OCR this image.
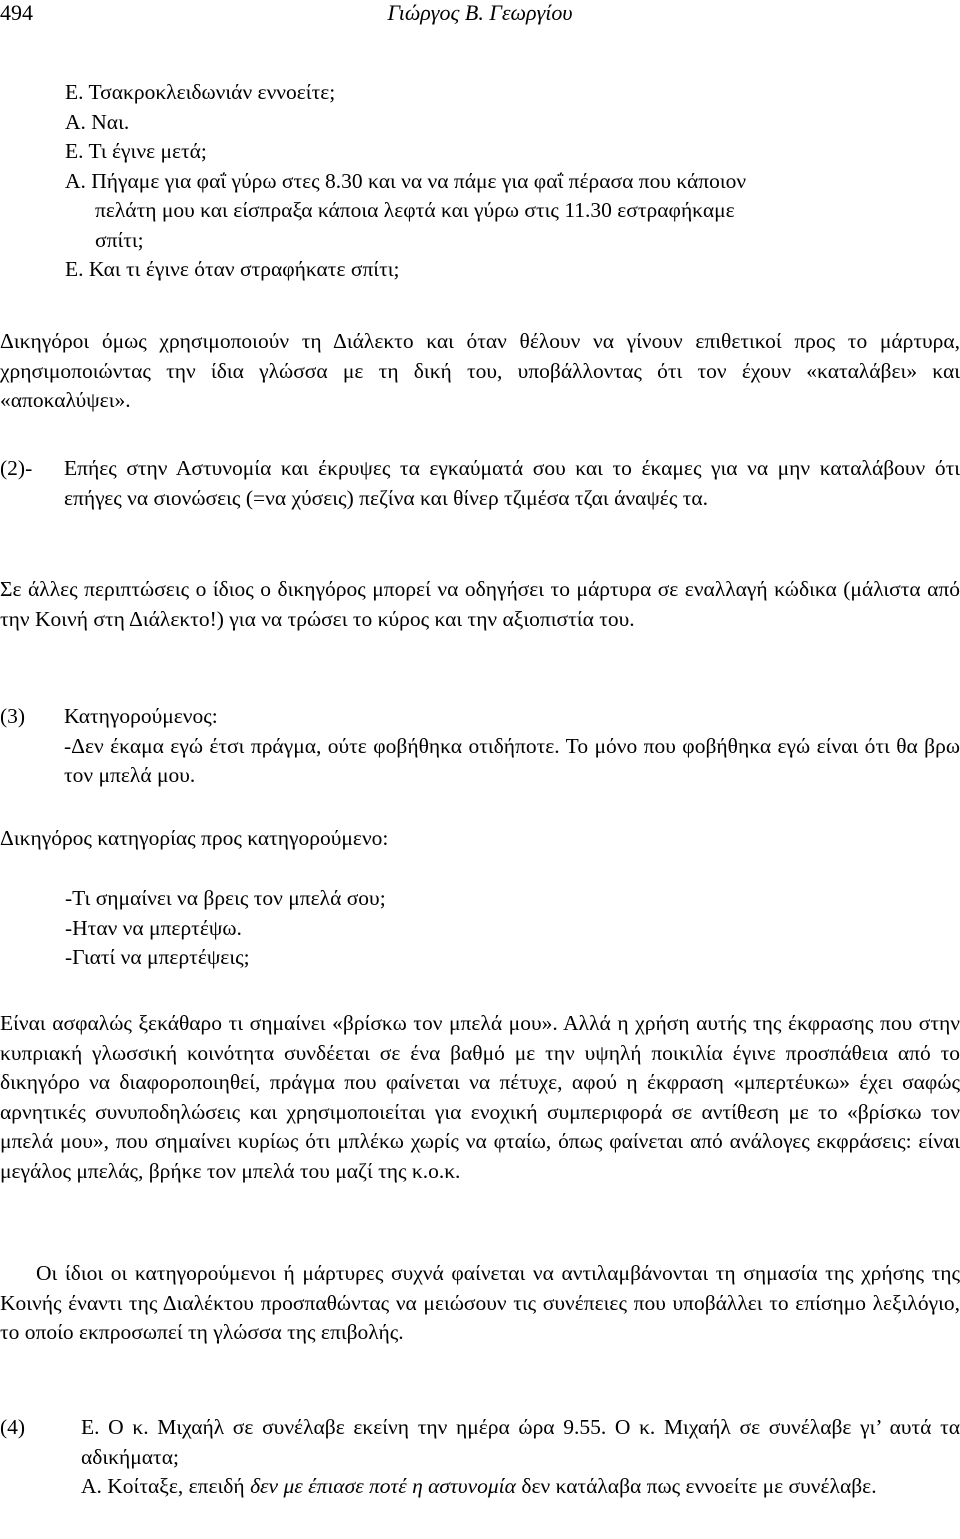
494	Γιώργος Β. Γεωργίου
Ε. Τσακροκλειδωνιάν εννοείτε;
Α. Ναι.
Ε. Τι έγινε μετά;
Α. Πήγαμε για φαΐ γύρω στες 8.30 και να να πάμε για φαΐ πέρασα που κάποιον
πελάτη μου και είσπραξα κάποια λεφτά και γύρω στις 11.30 εστραφήκαμε
σπίτι;
Ε. Και τι έγινε όταν στραφήκατε σπίτι;
Δικηγόροι όμως χρησιμοποιούν τη Διάλεκτο και όταν θέλουν να γίνουν επιθετικοί προς το μάρτυρα, χρησιμοποιώντας την ίδια γλώσσα με τη δική του, υποβάλλοντας ότι τον έχουν «καταλάβει» και «αποκαλύψει».
(2)- Επήες στην Αστυνομία και έκρυψες τα εγκαύματά σου και το έκαμες για να μην καταλάβουν ότι επήγες να σιονώσεις (=να χύσεις) πεζίνα και θίνερ τζιμέσα τζαι άναψές τα.
Σε άλλες περιπτώσεις ο ίδιος ο δικηγόρος μπορεί να οδηγήσει το μάρτυρα σε εναλλαγή κώδικα (μάλιστα από την Κοινή στη Διάλεκτο!) για να τρώσει το κύρος και την αξιοπιστία του.
(3) Κατηγορούμενος:
-Δεν έκαμα εγώ έτσι πράγμα, ούτε φοβήθηκα οτιδήποτε. Το μόνο που φοβήθηκα εγώ είναι ότι θα βρω τον μπελά μου.
Δικηγόρος κατηγορίας προς κατηγορούμενο:
-Τι σημαίνει να βρεις τον μπελά σου;
-Ηταν να μπερτέψω.
-Γιατί να μπερτέψεις;
Είναι ασφαλώς ξεκάθαρο τι σημαίνει «βρίσκω τον μπελά μου». Αλλά η χρήση αυτής της έκφρασης που στην κυπριακή γλωσσική κοινότητα συνδέεται σε ένα βαθμό με την υψηλή ποικιλία έγινε προσπάθεια από το δικηγόρο να διαφοροποιηθεί, πράγμα που φαίνεται να πέτυχε, αφού η έκφραση «μπερτέυκω» έχει σαφώς αρνητικές συνυποδηλώσεις και χρησιμοποιείται για ενοχική συμπεριφορά σε αντίθεση με το «βρίσκω τον μπελά μου», που σημαίνει κυρίως ότι μπλέκω χωρίς να φταίω, όπως φαίνεται από ανάλογες εκφράσεις: είναι μεγάλος μπελάς, βρήκε τον μπελά του μαζί της κ.ο.κ.
Οι ίδιοι οι κατηγορούμενοι ή μάρτυρες συχνά φαίνεται να αντιλαμβάνονται τη σημασία της χρήσης της Κοινής έναντι της Διαλέκτου προσπαθώντας να μειώσουν τις συνέπειες που υποβάλλει το επίσημο λεξιλόγιο, το οποίο εκπροσωπεί τη γλώσσα της επιβολής.
(4)	Ε. Ο κ. Μιχαήλ σε συνέλαβε εκείνη την ημέρα ώρα 9.55. Ο κ. Μιχαήλ σε συνέλαβε γι’ αυτά τα αδικήματα;
Α. Κοίταξε, επειδή δεν με έπιασε ποτέ η αστυνομία δεν κατάλαβα πως εννοείτε με συνέλαβε.
